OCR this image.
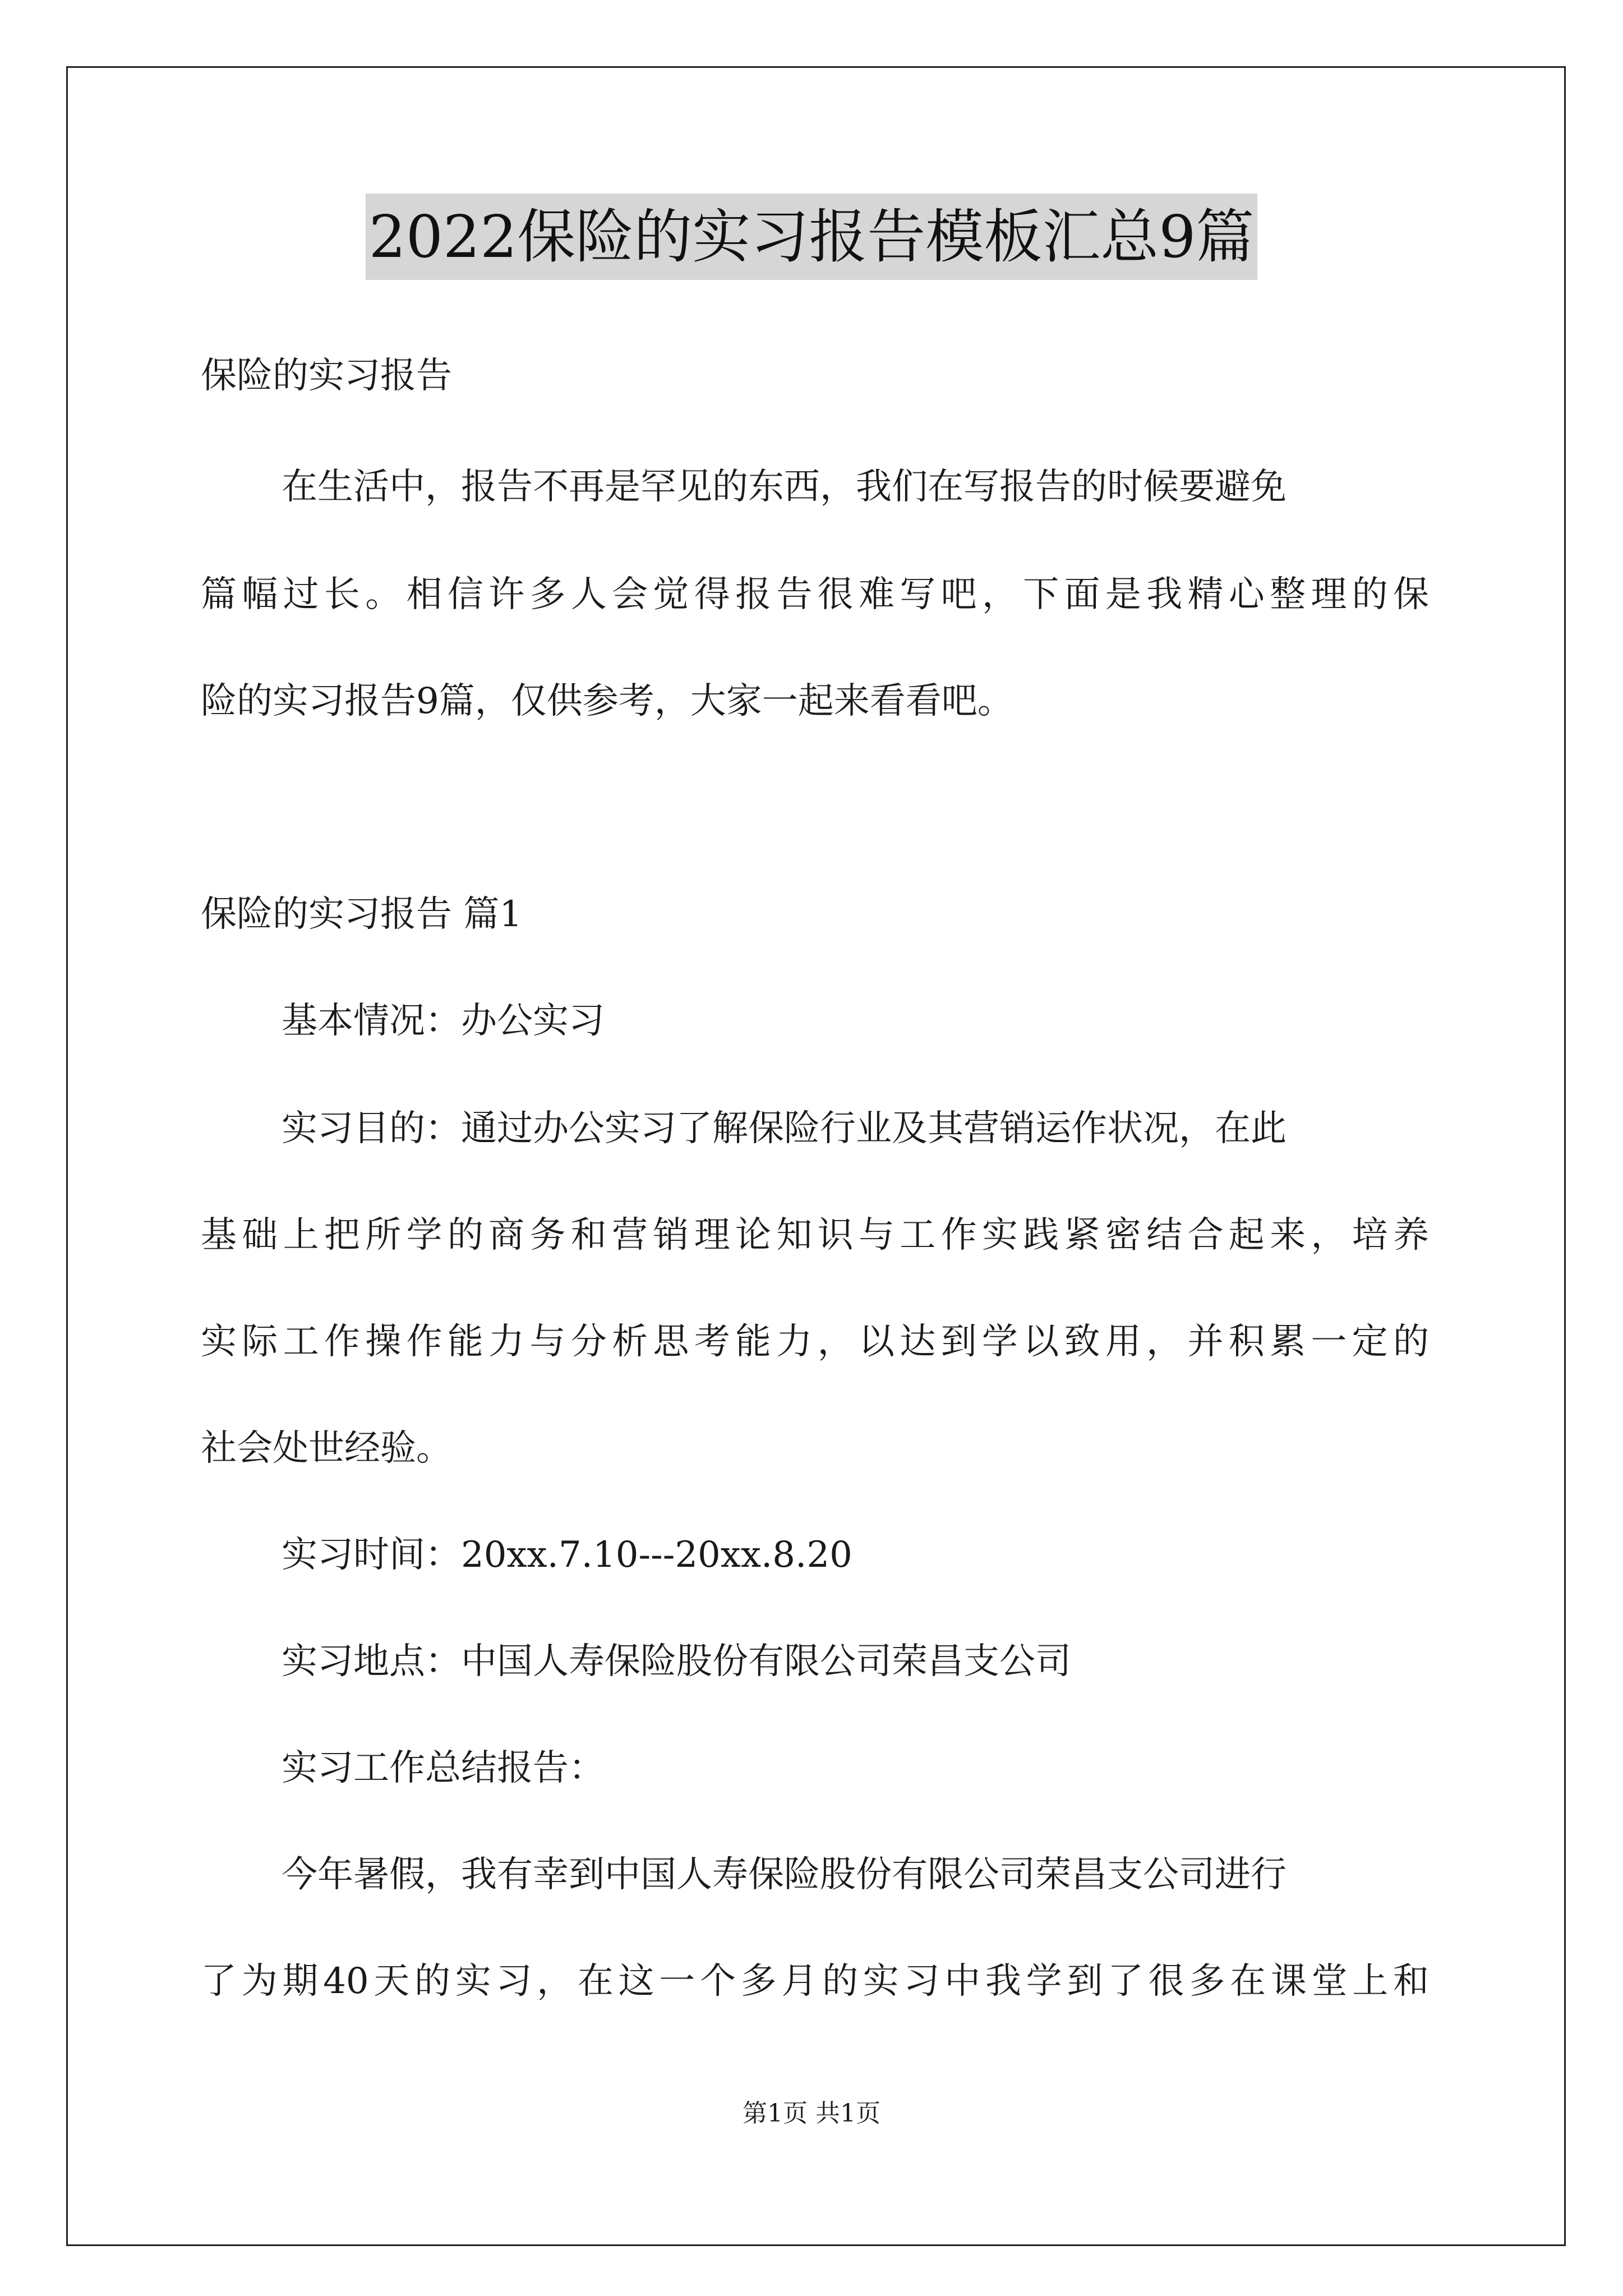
2022保险的实习报告模板汇总9篇
保险的实习报告
在生活中，报告不再是罕见的东西，我们在写报告的时候要避免
篇幅过长。相信许多人会觉得报告很难写吧，下面是我精心整理的保
险的实习报告9篇，仅供参考，大家一起来看看吧。
保险的实习报告 篇1
基本情况：办公实习
实习目的：通过办公实习了解保险行业及其营销运作状况，在此
基础上把所学的商务和营销理论知识与工作实践紧密结合起来，培养
实际工作操作能力与分析思考能力，以达到学以致用，并积累一定的
社会处世经验。
实习时间：20xx.7.10---20xx.8.20
实习地点：中国人寿保险股份有限公司荣昌支公司
实习工作总结报告：
今年暑假，我有幸到中国人寿保险股份有限公司荣昌支公司进行
了为期40天的实习，在这一个多月的实习中我学到了很多在课堂上和
第1页 共1页
